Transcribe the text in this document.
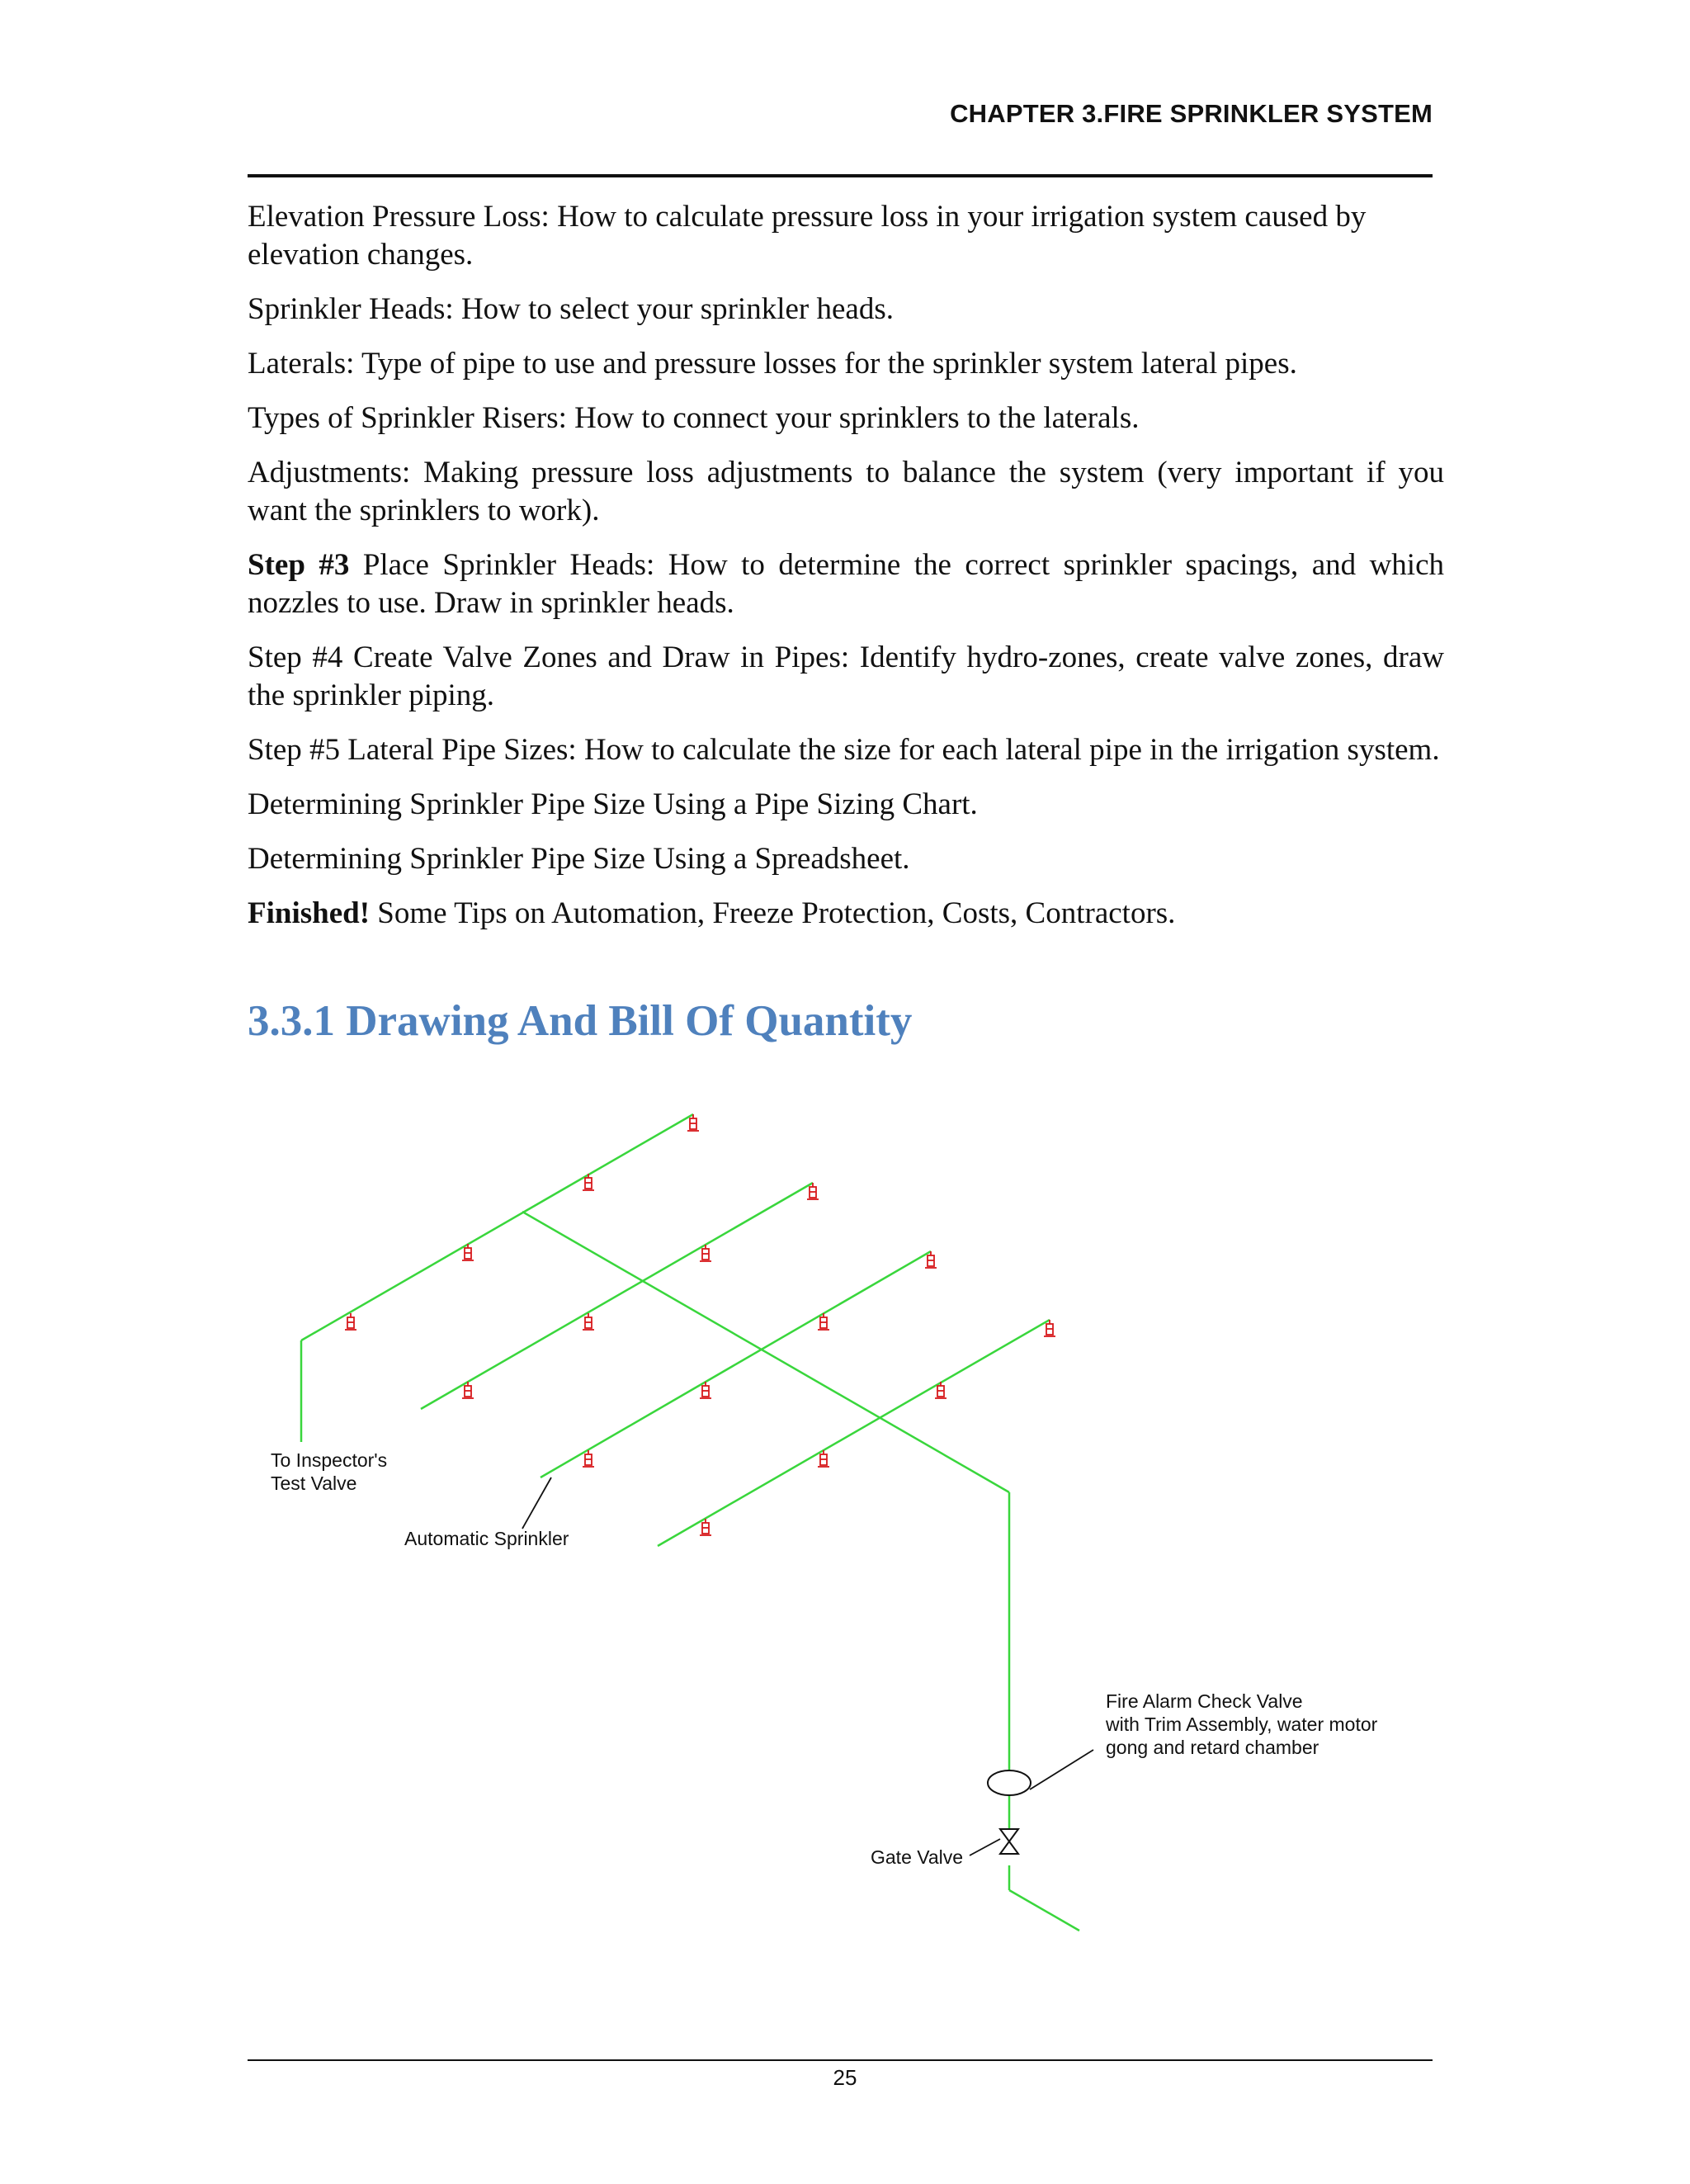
CHAPTER 3.FIRE SPRINKLER SYSTEM

Elevation Pressure Loss: How to calculate pressure loss in your irrigation system caused by elevation changes.

Sprinkler Heads: How to select your sprinkler heads.

Laterals: Type of pipe to use and pressure losses for the sprinkler system lateral pipes.

Types of Sprinkler Risers: How to connect your sprinklers to the laterals.

Adjustments: Making pressure loss adjustments to balance the system (very important if you want the sprinklers to work).

Step #3 Place Sprinkler Heads: How to determine the correct sprinkler spacings, and which nozzles to use. Draw in sprinkler heads.

Step #4 Create Valve Zones and Draw in Pipes: Identify hydro-zones, create valve zones, draw the sprinkler piping.

Step #5 Lateral Pipe Sizes: How to calculate the size for each lateral pipe in the irrigation system.

Determining Sprinkler Pipe Size Using a Pipe Sizing Chart.

Determining Sprinkler Pipe Size Using a Spreadsheet.

Finished! Some Tips on Automation, Freeze Protection, Costs, Contractors.

3.3.1 Drawing And Bill Of Quantity
To Inspector's
Test Valve
Automatic Sprinkler
Fire Alarm Check Valve
with Trim Assembly, water motor
gong and retard chamber
Gate Valve
25
